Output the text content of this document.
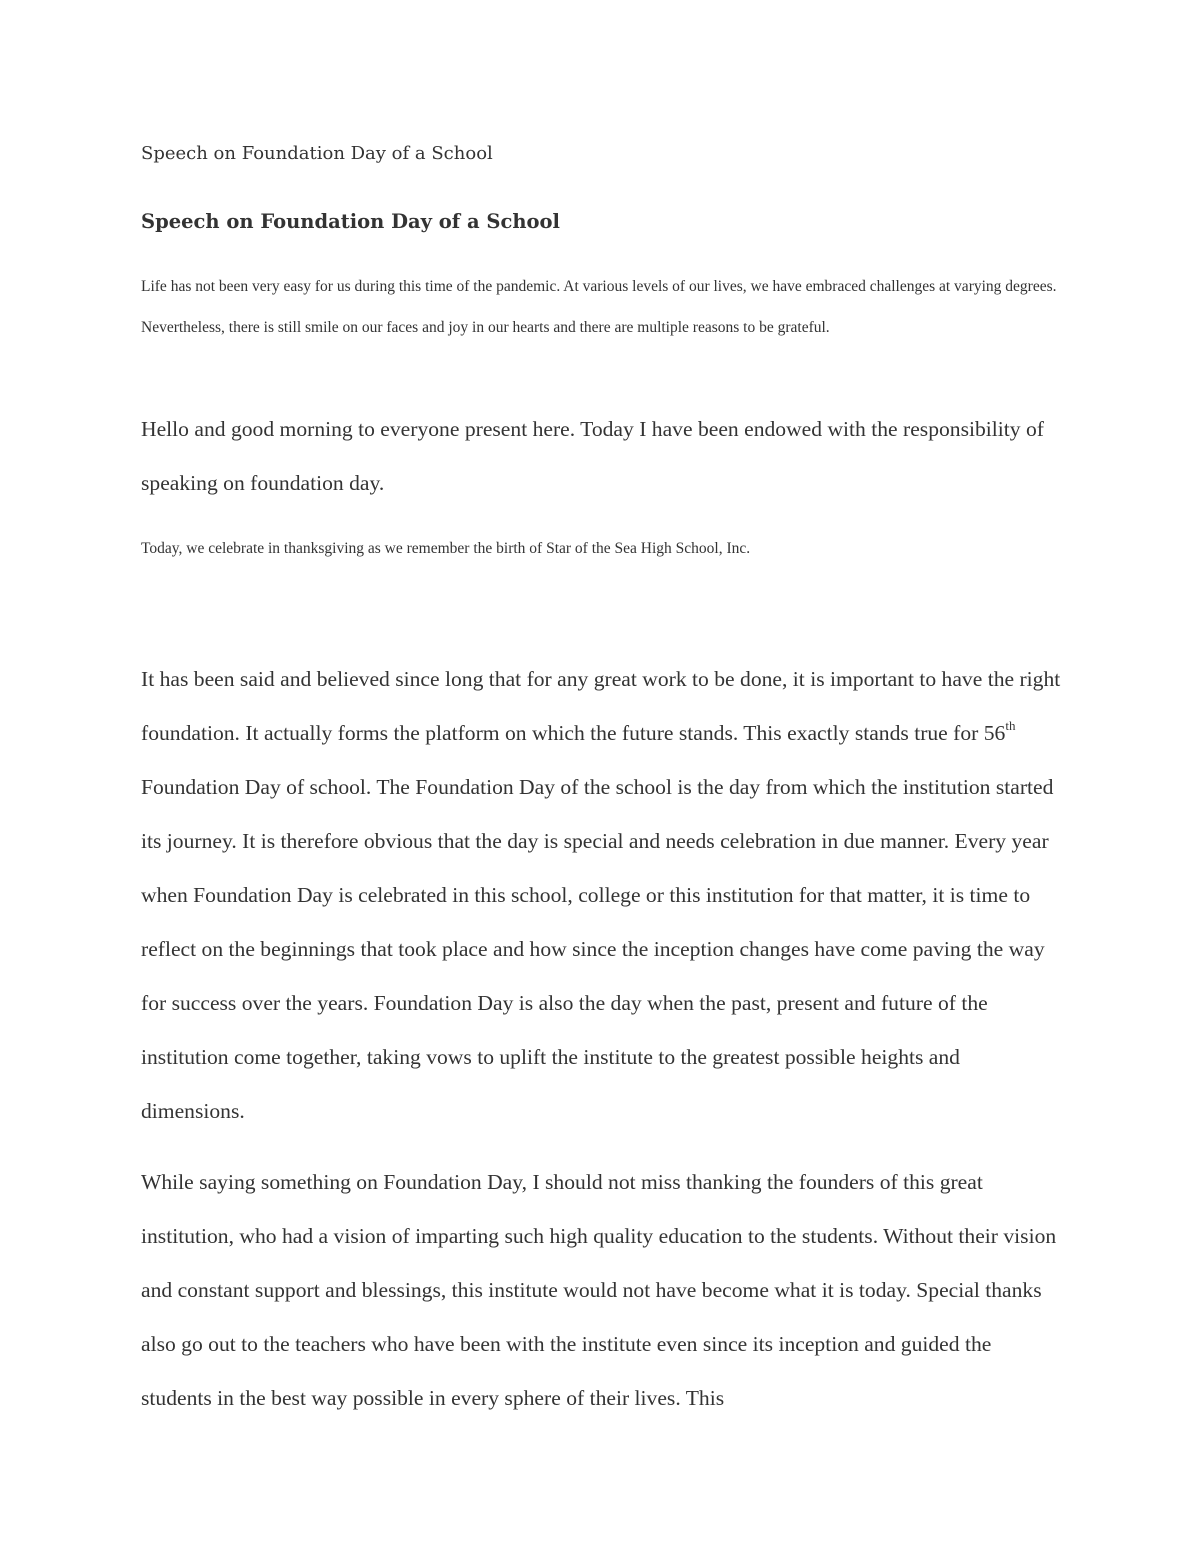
Speech on Foundation Day of a School

Speech on Foundation Day of a School

Life has not been very easy for us during this time of the pandemic. At various levels of our lives, we have embraced challenges at varying degrees. Nevertheless, there is still smile on our faces and joy in our hearts and there are multiple reasons to be grateful.

Hello and good morning to everyone present here. Today I have been endowed with the responsibility of speaking on foundation day.

Today, we celebrate in thanksgiving as we remember the birth of Star of the Sea High School, Inc.

It has been said and believed since long that for any great work to be done, it is important to have the right foundation. It actually forms the platform on which the future stands. This exactly stands true for 56th Foundation Day of school. The Foundation Day of the school is the day from which the institution started its journey. It is therefore obvious that the day is special and needs celebration in due manner. Every year when Foundation Day is celebrated in this school, college or this institution for that matter, it is time to reflect on the beginnings that took place and how since the inception changes have come paving the way for success over the years. Foundation Day is also the day when the past, present and future of the institution come together, taking vows to uplift the institute to the greatest possible heights and dimensions.

While saying something on Foundation Day, I should not miss thanking the founders of this great institution, who had a vision of imparting such high quality education to the students. Without their vision and constant support and blessings, this institute would not have become what it is today. Special thanks also go out to the teachers who have been with the institute even since its inception and guided the students in the best way possible in every sphere of their lives. This
